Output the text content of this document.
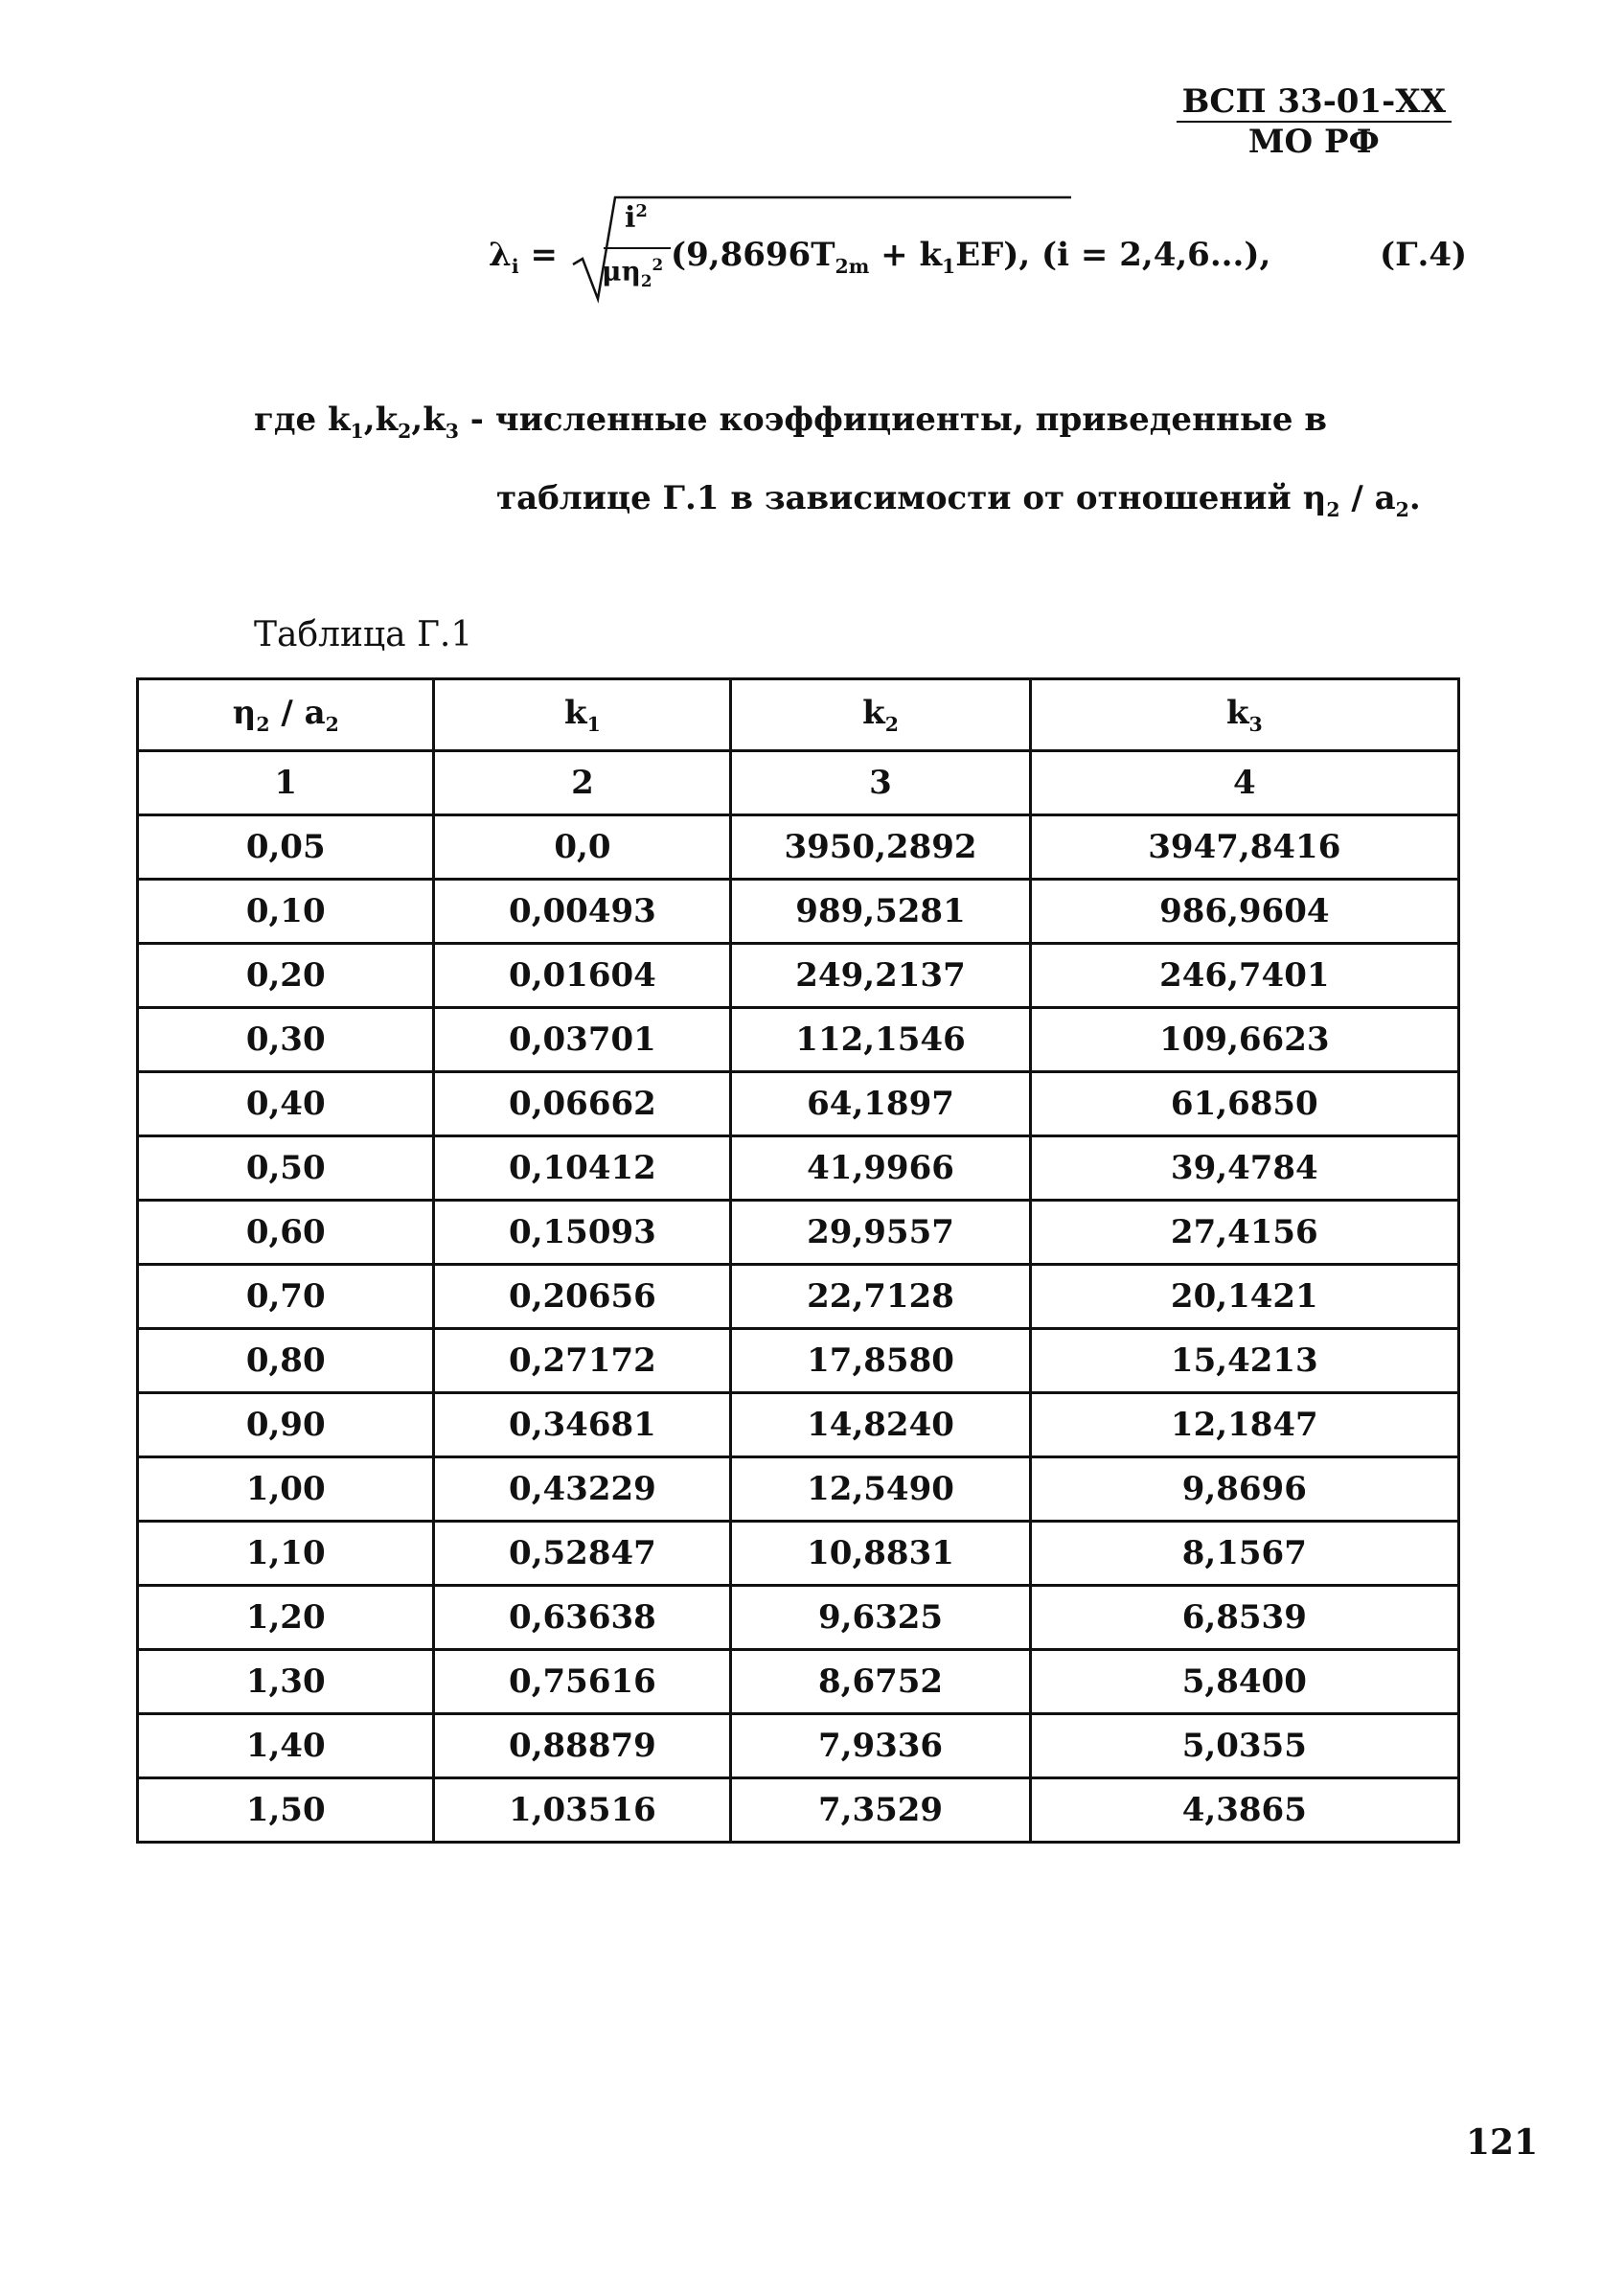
ВСП 33-01-ХХ
МО РФ
$\lambda_i$ =
$i^2$
$\mu\eta_2^2$ $(9,8696T_{2m} + k_1EF)$, (i = 2,4,6...),	(Г.4)
где $k_1,k_2,k_3$ - численные коэффициенты, приведенные в
таблице Г.1 в зависимости от отношений $\eta_2 / a_2$.
Таблица Г.1
$\eta_2 / a_2$	$k_1$	$k_2$	$k_3$
1	2	3	4
0,05	0,0	3950,2892	3947,8416
0,10	0,00493	989,5281	986,9604
0,20	0,01604	249,2137	246,7401
0,30	0,03701	112,1546	109,6623
0,40	0,06662	64,1897	61,6850
0,50	0,10412	41,9966	39,4784
0,60	0,15093	29,9557	27,4156
0,70	0,20656	22,7128	20,1421
0,80	0,27172	17,8580	15,4213
0,90	0,34681	14,8240	12,1847
1,00	0,43229	12,5490	9,8696
1,10	0,52847	10,8831	8,1567
1,20	0,63638	9,6325	6,8539
1,30	0,75616	8,6752	5,8400
1,40	0,88879	7,9336	5,0355
1,50	1,03516	7,3529	4,3865
121
